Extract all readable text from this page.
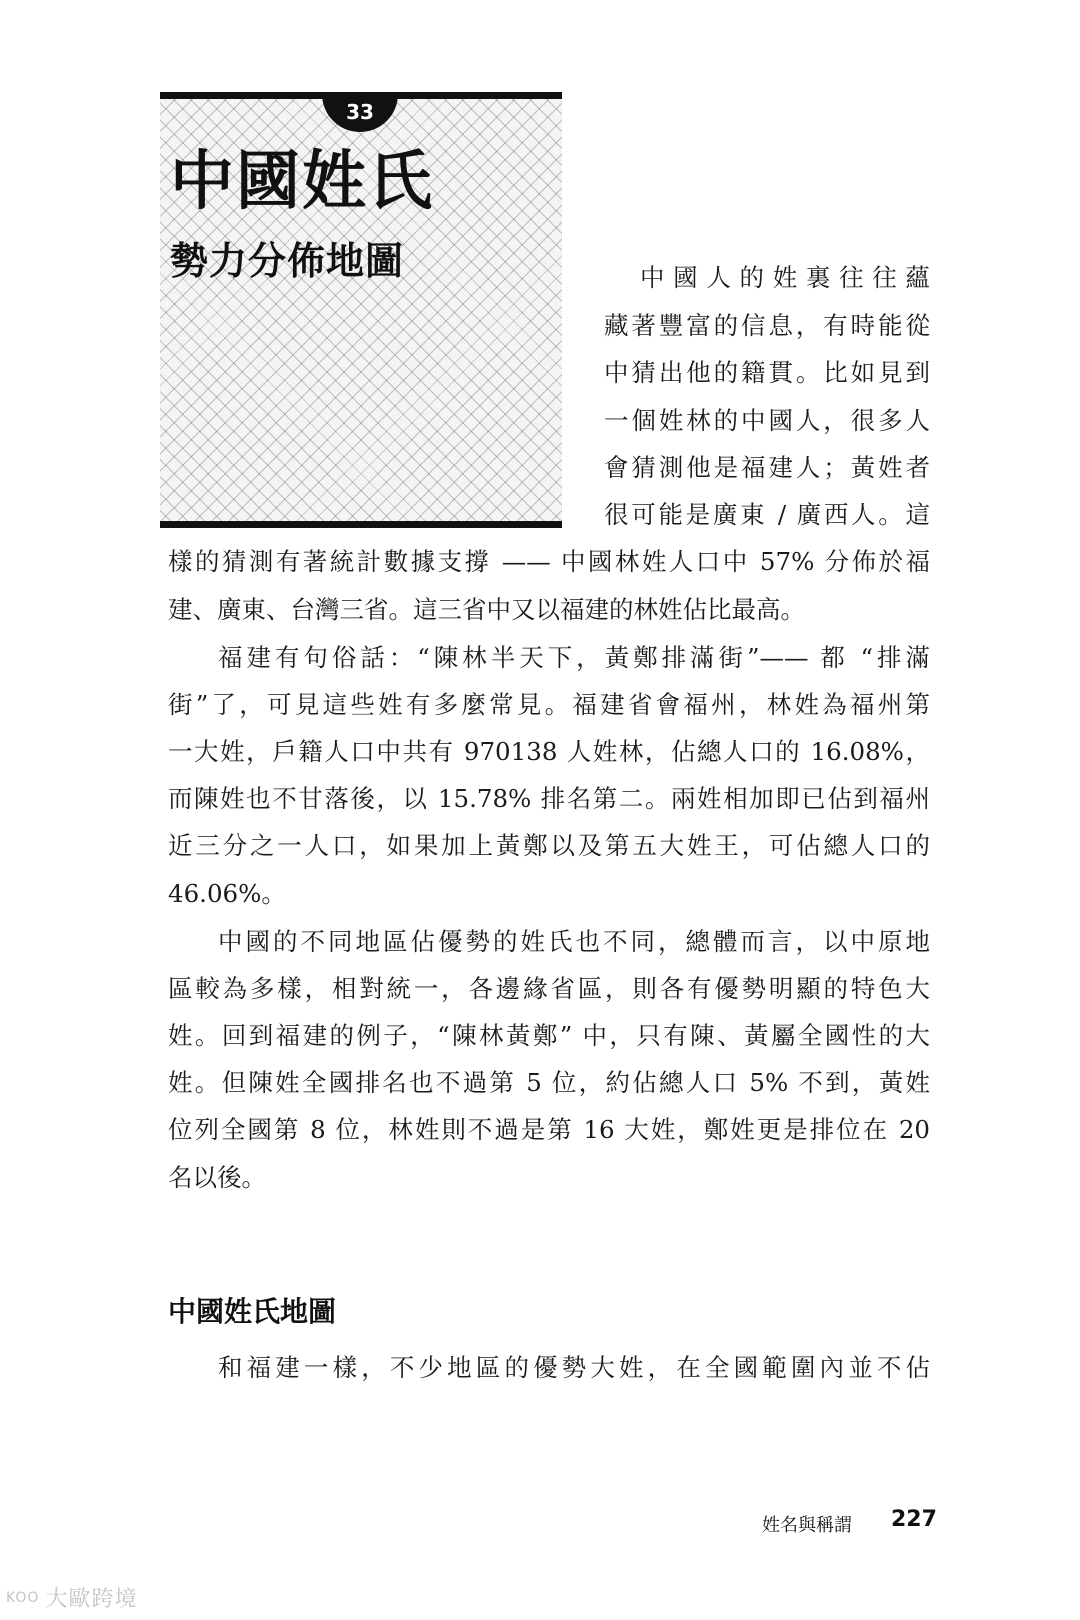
33
中國姓氏
勢力分佈地圖	中國人的姓裏往往蘊
藏著豐富的信息，有時能從
中猜出他的籍貫。比如見到
一個姓林的中國人，很多人
會猜測他是福建人；黃姓者
很可能是廣東 / 廣西人。這
樣的猜測有著統計數據支撐 —— 中國林姓人口中 57% 分佈於福
建、廣東、台灣三省。這三省中又以福建的林姓佔比最高。
福建有句俗話：“陳林半天下，黃鄭排滿街”—— 都 “排滿
街”了，可見這些姓有多麼常見。福建省會福州，林姓為福州第
一大姓，戶籍人口中共有 970138 人姓林，佔總人口的 16.08%，
而陳姓也不甘落後，以 15.78% 排名第二。兩姓相加即已佔到福州
近三分之一人口，如果加上黃鄭以及第五大姓王，可佔總人口的
46.06%。
中國的不同地區佔優勢的姓氏也不同，總體而言，以中原地
區較為多樣，相對統一，各邊緣省區，則各有優勢明顯的特色大
姓。回到福建的例子，“陳林黃鄭” 中，只有陳、黃屬全國性的大
姓。但陳姓全國排名也不過第 5 位，約佔總人口 5% 不到，黃姓
位列全國第 8 位，林姓則不過是第 16 大姓，鄭姓更是排位在 20
名以後。
中國姓氏地圖
和福建一樣，不少地區的優勢大姓，在全國範圍內並不佔
姓名與稱謂 227
KOO 大歐跨境
